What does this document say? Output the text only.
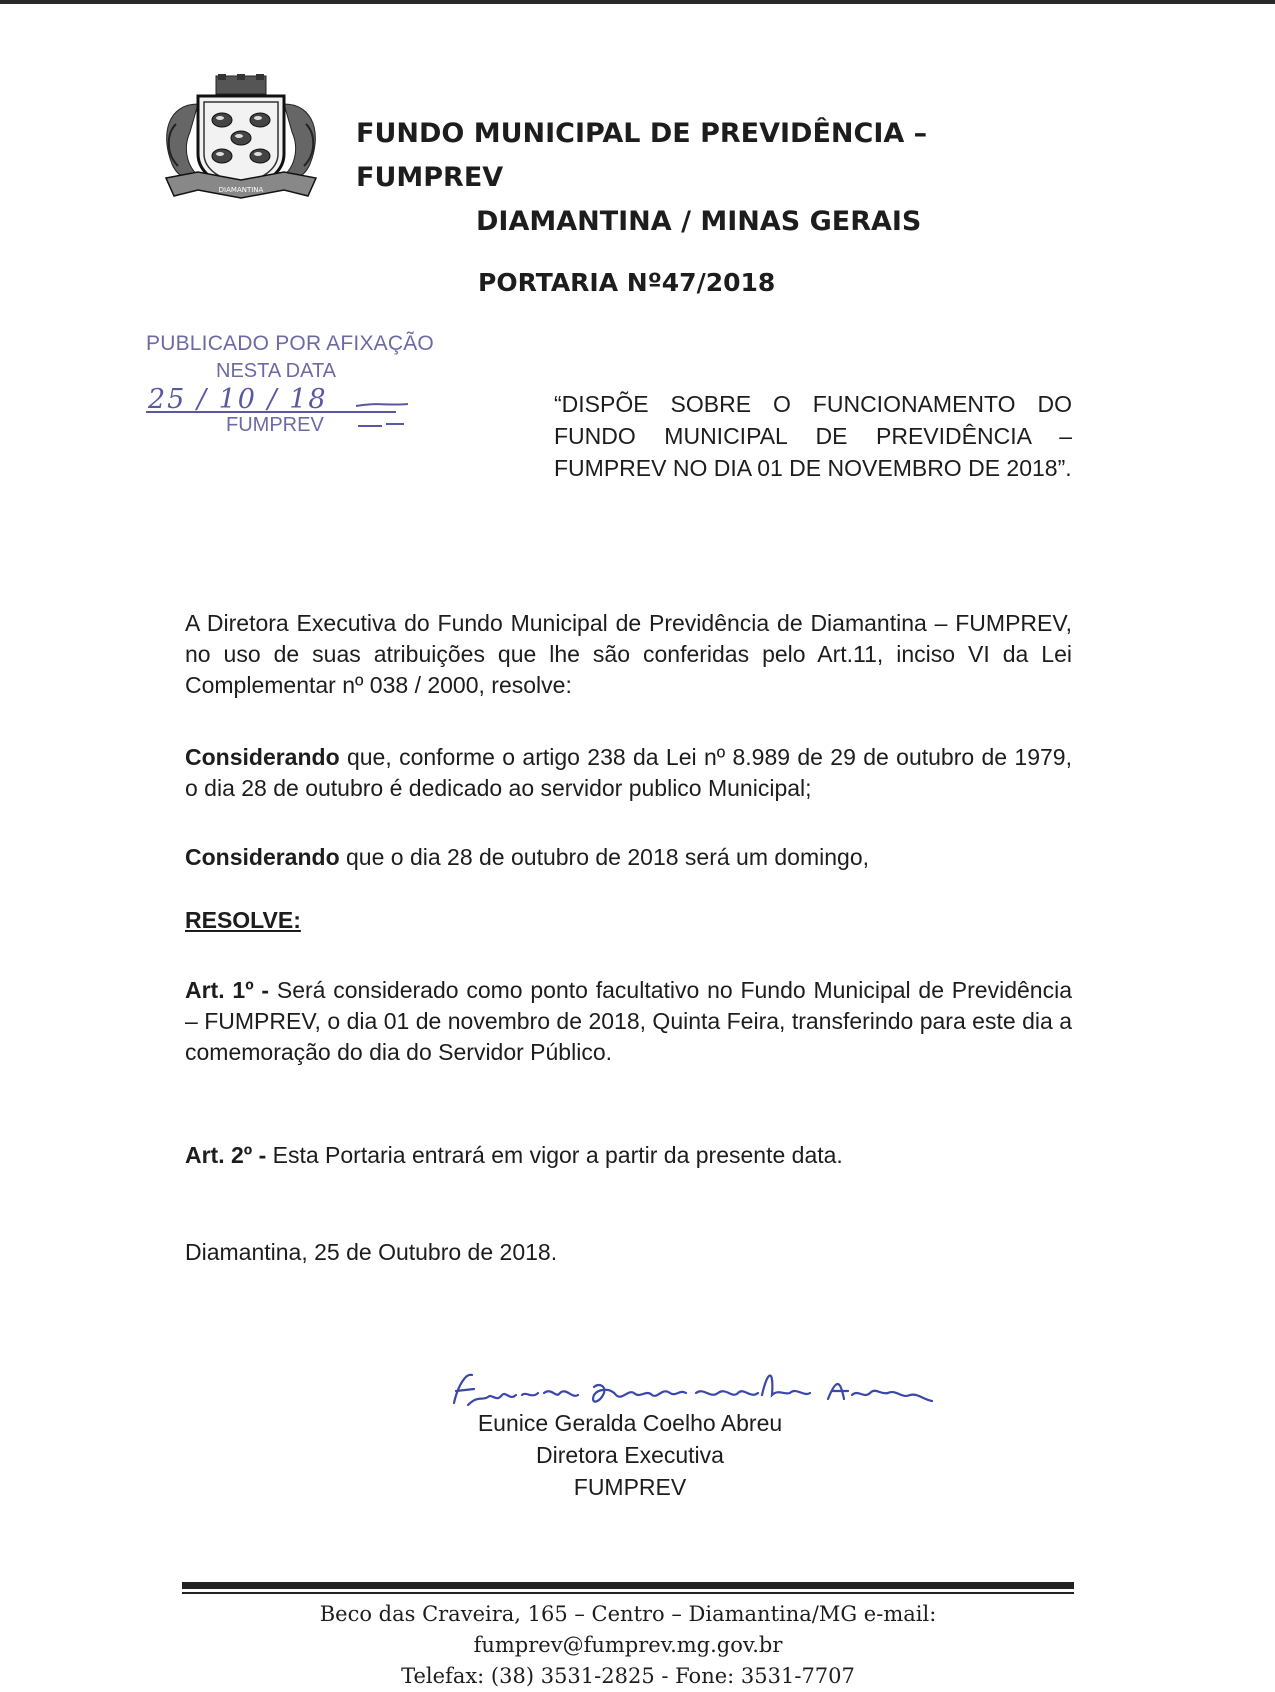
DIAMANTINA
FUNDO MUNICIPAL DE PREVIDÊNCIA – FUMPREV
DIAMANTINA / MINAS GERAIS
PORTARIA Nº47/2018
PUBLICADO POR AFIXAÇÃO
NESTA DATA
25 / 10 / 18
FUMPREV
“DISPÕE SOBRE O FUNCIONAMENTO DO FUNDO MUNICIPAL DE PREVIDÊNCIA – FUMPREV NO DIA 01 DE NOVEMBRO DE 2018”.
A Diretora Executiva do Fundo Municipal de Previdência de Diamantina – FUMPREV, no uso de suas atribuições que lhe são conferidas pelo Art.11, inciso VI da Lei Complementar nº 038 / 2000, resolve:
Considerando que, conforme o artigo 238 da Lei nº 8.989 de 29 de outubro de 1979, o dia 28 de outubro é dedicado ao servidor publico Municipal;
Considerando que o dia 28 de outubro de 2018 será um domingo,
RESOLVE:
Art. 1º - Será considerado como ponto facultativo no Fundo Municipal de Previdência – FUMPREV, o dia 01 de novembro de 2018, Quinta Feira, transferindo para este dia a comemoração do dia do Servidor Público.
Art. 2º - Esta Portaria entrará em vigor a partir da presente data.
Diamantina, 25 de Outubro de 2018.
Eunice Geralda Coelho Abreu
Diretora Executiva
FUMPREV
Beco das Craveira, 165 – Centro – Diamantina/MG e-mail: fumprev@fumprev.mg.gov.br
Telefax: (38) 3531-2825 - Fone: 3531-7707
